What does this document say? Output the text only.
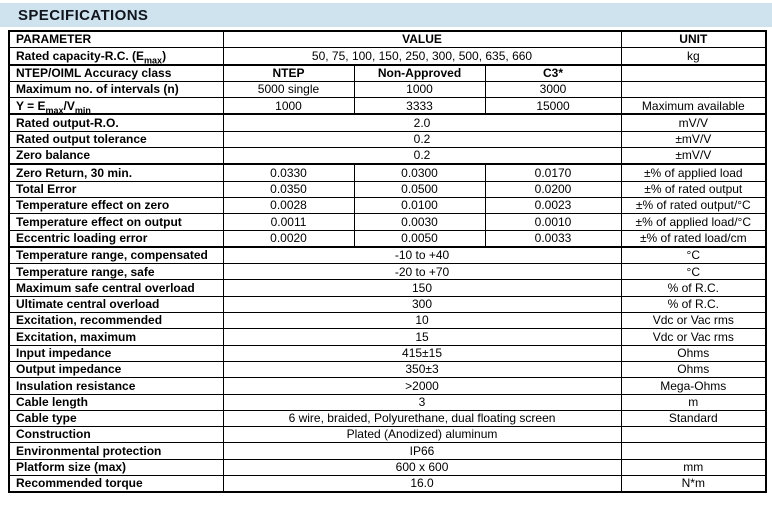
SPECIFICATIONS
PARAMETER	VALUE			UNIT
Rated capacity-R.C. $(E_{max})$	50, 75, 100, 150, 250, 300, 500, 635, 660			kg
NTEP/OIML Accuracy class	NTEP	Non-Approved	C3*	
Maximum no. of intervals (n)	5000 single	1000	3000	
$Y = E_{max}/V_{min}$	1000	3333	15000	Maximum available
Rated output-R.O.	2.0			mV/V
Rated output tolerance	0.2			±mV/V
Zero balance	0.2			±mV/V
Zero Return, 30 min.	0.0330	0.0300	0.0170	±% of applied load
Total Error	0.0350	0.0500	0.0200	±% of rated output
Temperature effect on zero	0.0028	0.0100	0.0023	±% of rated output/°C
Temperature effect on output	0.0011	0.0030	0.0010	±% of applied load/°C
Eccentric loading error	0.0020	0.0050	0.0033	±% of rated load/cm
Temperature range, compensated	-10 to +40			°C
Temperature range, safe	-20 to +70			°C
Maximum safe central overload	150			% of R.C.
Ultimate central overload	300			% of R.C.
Excitation, recommended	10			Vdc or Vac rms
Excitation, maximum	15			Vdc or Vac rms
Input impedance	415±15			Ohms
Output impedance	350±3			Ohms
Insulation resistance	>2000			Mega-Ohms
Cable length	3			m
Cable type	6 wire, braided, Polyurethane, dual floating screen			Standard
Construction	Plated (Anodized) aluminum			
Environmental protection	IP66			
Platform size (max)	600 x 600			mm
Recommended torque	16.0			N*m
